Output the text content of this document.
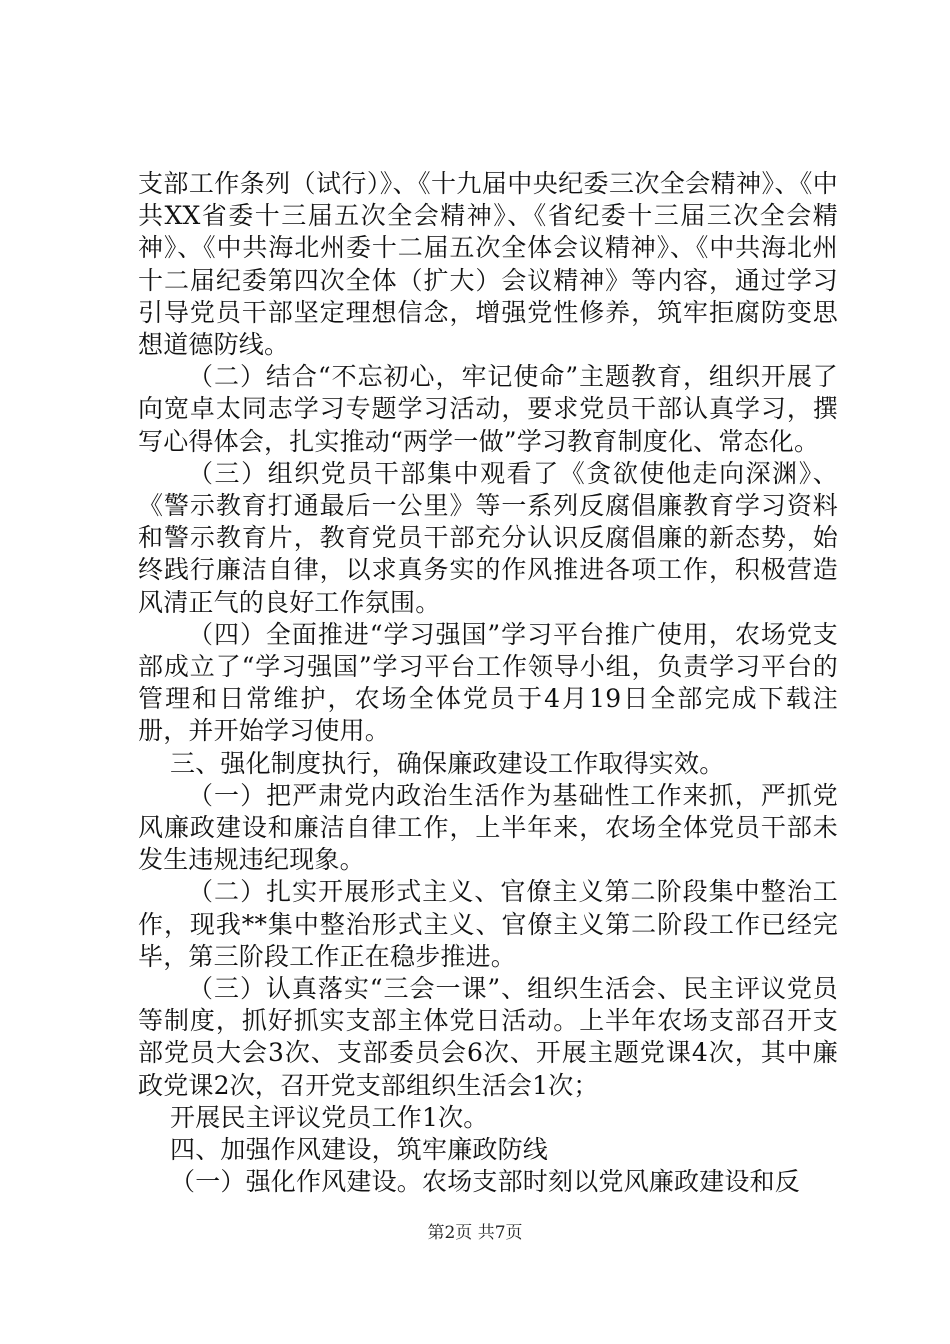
支部工作条列（试行）》、《十九届中央纪委三次全会精神》、《中共XX省委十三届五次全会精神》、《省纪委十三届三次全会精神》、《中共海北州委十二届五次全体会议精神》、《中共海北州十二届纪委第四次全体（扩大）会议精神》等内容，通过学习引导党员干部坚定理想信念，增强党性修养，筑牢拒腐防变思想道德防线。

（二）结合“不忘初心，牢记使命”主题教育，组织开展了向宽卓太同志学习专题学习活动，要求党员干部认真学习，撰写心得体会，扎实推动“两学一做”学习教育制度化、常态化。

（三）组织党员干部集中观看了《贪欲使他走向深渊》、《警示教育打通最后一公里》等一系列反腐倡廉教育学习资料和警示教育片，教育党员干部充分认识反腐倡廉的新态势，始终践行廉洁自律，以求真务实的作风推进各项工作，积极营造风清正气的良好工作氛围。

（四）全面推进“学习强国”学习平台推广使用，农场党支部成立了“学习强国”学习平台工作领导小组，负责学习平台的管理和日常维护，农场全体党员于4月19日全部完成下载注册，并开始学习使用。

三、强化制度执行，确保廉政建设工作取得实效。

（一）把严肃党内政治生活作为基础性工作来抓，严抓党风廉政建设和廉洁自律工作，上半年来，农场全体党员干部未发生违规违纪现象。

（二）扎实开展形式主义、官僚主义第二阶段集中整治工作，现我**集中整治形式主义、官僚主义第二阶段工作已经完毕，第三阶段工作正在稳步推进。

（三）认真落实“三会一课”、组织生活会、民主评议党员等制度，抓好抓实支部主体党日活动。上半年农场支部召开支部党员大会3次、支部委员会6次、开展主题党课4次，其中廉政党课2次，召开党支部组织生活会1次；

开展民主评议党员工作1次。

四、加强作风建设，筑牢廉政防线

（一）强化作风建设。农场支部时刻以党风廉政建设和反

第2页 共7页
